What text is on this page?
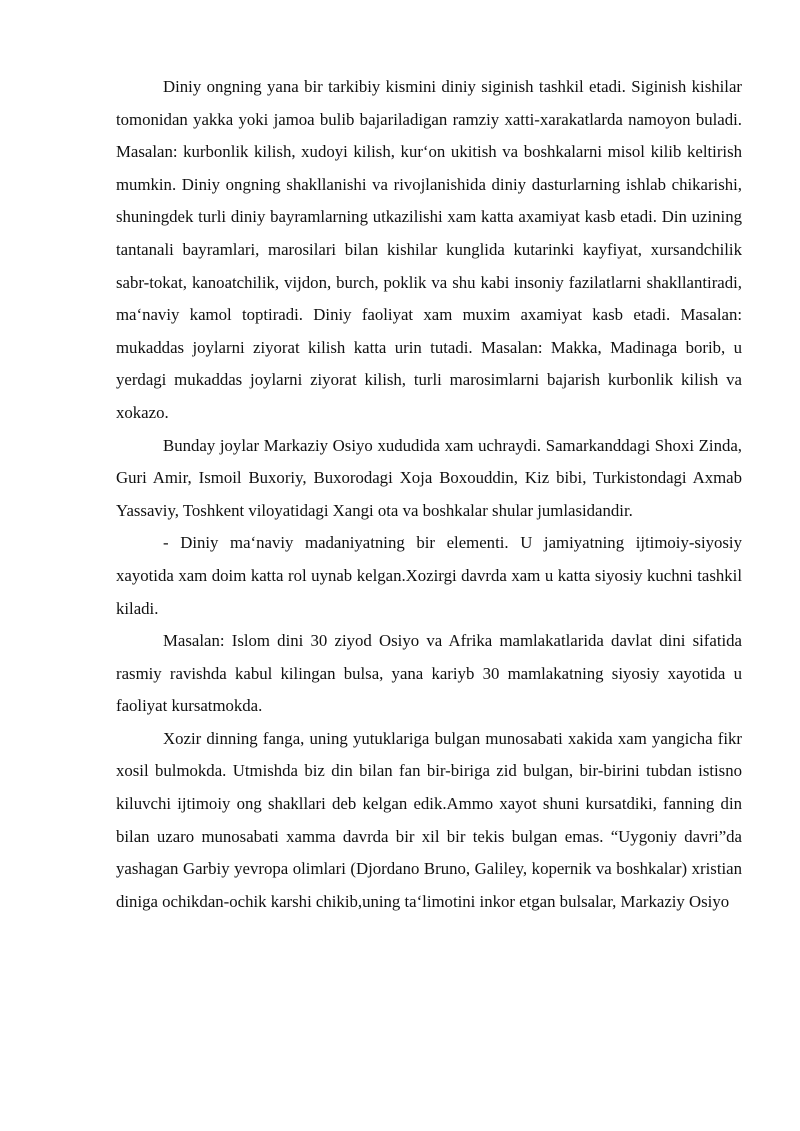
Diniy ongning yana bir tarkibiy kismini diniy siginish tashkil etadi. Siginish kishilar tomonidan yakka yoki jamoa bulib bajariladigan ramziy xatti-xarakatlarda namoyon buladi. Masalan: kurbonlik kilish, xudoyi kilish, kur‘on ukitish va boshkalarni misol kilib keltirish mumkin. Diniy ongning shakllanishi va rivojlanishida diniy dasturlarning ishlab chikarishi, shuningdek turli diniy bayramlarning utkazilishi xam katta axamiyat kasb etadi. Din uzining tantanali bayramlari, marosilari bilan kishilar kunglida kutarinki kayfiyat, xursandchilik sabr-tokat, kanoatchilik, vijdon, burch, poklik va shu kabi insoniy fazilatlarni shakllantiradi, ma‘naviy kamol toptiradi. Diniy faoliyat xam muxim axamiyat kasb etadi. Masalan: mukaddas joylarni ziyorat kilish katta urin tutadi. Masalan: Makka, Madinaga borib, u yerdagi mukaddas joylarni ziyorat kilish, turli marosimlarni bajarish kurbonlik kilish va xokazo.

Bunday joylar Markaziy Osiyo xududida xam uchraydi. Samarkanddagi Shoxi Zinda, Guri Amir, Ismoil Buxoriy, Buxorodagi Xoja Boxouddin, Kiz bibi, Turkistondagi Axmab Yassaviy, Toshkent viloyatidagi Xangi ota va boshkalar shular jumlasidandir.

- Diniy ma‘naviy madaniyatning bir elementi. U jamiyatning ijtimoiy-siyosiy xayotida xam doim katta rol uynab kelgan.Xozirgi davrda xam u katta siyosiy kuchni tashkil kiladi.

Masalan: Islom dini 30 ziyod Osiyo va Afrika mamlakatlarida davlat dini sifatida rasmiy ravishda kabul kilingan bulsa, yana kariyb 30 mamlakatning siyosiy xayotida u faoliyat kursatmokda.

Xozir dinning fanga, uning yutuklariga bulgan munosabati xakida xam yangicha fikr xosil bulmokda. Utmishda biz din bilan fan bir-biriga zid bulgan, bir-birini tubdan istisno kiluvchi ijtimoiy ong shakllari deb kelgan edik.Ammo xayot shuni kursatdiki, fanning din bilan uzaro munosabati xamma davrda bir xil bir tekis bulgan emas. “Uygoniy davri”da yashagan Garbiy yevropa olimlari (Djordano Bruno, Galiley, kopernik va boshkalar) xristian diniga ochikdan-ochik karshi chikib,uning ta‘limotini inkor etgan bulsalar, Markaziy Osiyo
